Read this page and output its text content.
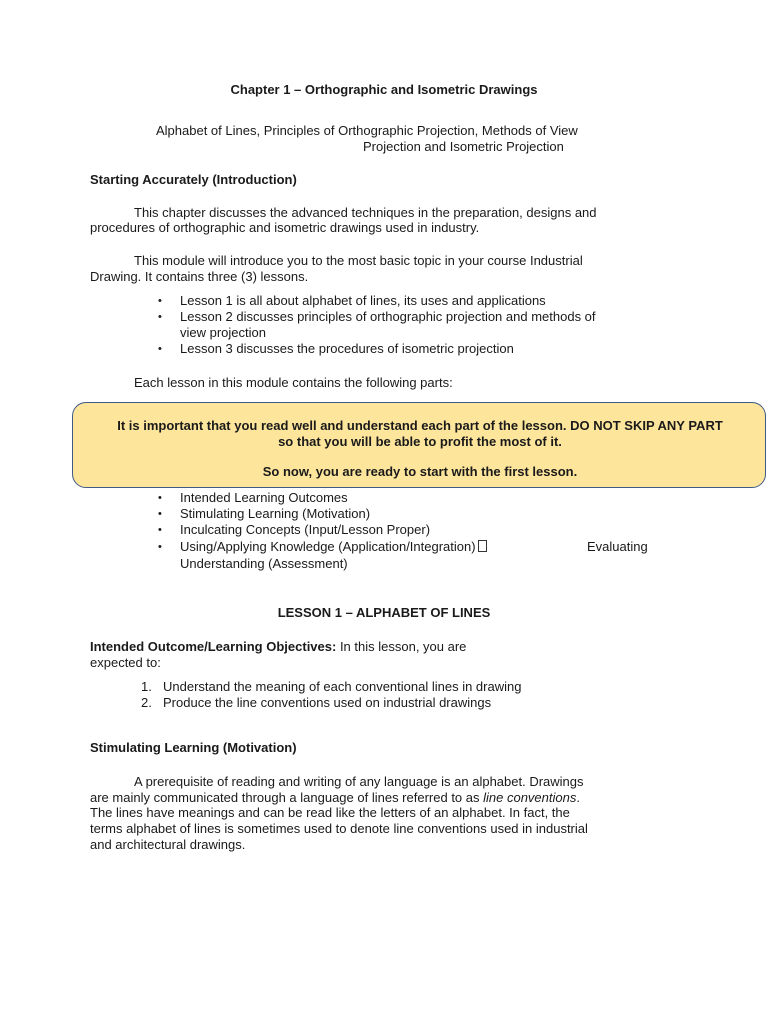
Chapter 1 – Orthographic and Isometric Drawings
Alphabet of Lines, Principles of Orthographic Projection, Methods of View
Projection and Isometric Projection
Starting Accurately (Introduction)
This chapter discusses the advanced techniques in the preparation, designs and
procedures of orthographic and isometric drawings used in industry.
This module will introduce you to the most basic topic in your course Industrial
Drawing. It contains three (3) lessons.
• Lesson 1 is all about alphabet of lines, its uses and applications
• Lesson 2 discusses principles of orthographic projection and methods of
view projection
• Lesson 3 discusses the procedures of isometric projection
Each lesson in this module contains the following parts:
It is important that you read well and understand each part of the lesson. DO NOT SKIP ANY PART
so that you will be able to profit the most of it.
So now, you are ready to start with the first lesson.
• Intended Learning Outcomes
• Stimulating Learning (Motivation)
• Inculcating Concepts (Input/Lesson Proper)
• Using/Applying Knowledge (Application/Integration)	Evaluating
Understanding (Assessment)
LESSON 1 – ALPHABET OF LINES
Intended Outcome/Learning Objectives: In this lesson, you are
expected to:
1. Understand the meaning of each conventional lines in drawing
2. Produce the line conventions used on industrial drawings
Stimulating Learning (Motivation)
A prerequisite of reading and writing of any language is an alphabet. Drawings
are mainly communicated through a language of lines referred to as line conventions.
The lines have meanings and can be read like the letters of an alphabet. In fact, the
terms alphabet of lines is sometimes used to denote line conventions used in industrial
and architectural drawings.
